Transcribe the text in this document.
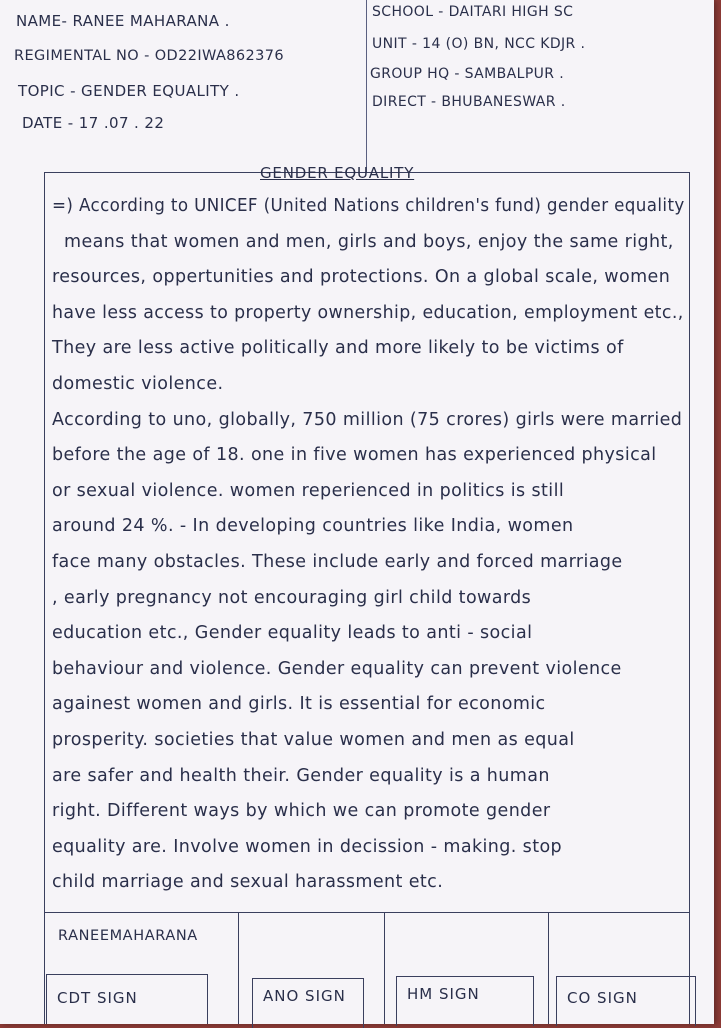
NAME- RANEE MAHARANA .
REGIMENTAL NO - OD22IWA862376
TOPIC - GENDER EQUALITY .
DATE - 17 .07 . 22
SCHOOL - DAITARI HIGH SC
UNIT - 14 (O) BN, NCC KDJR .
GROUP HQ - SAMBALPUR .
DIRECT - BHUBANESWAR .
GENDER EQUALITY
=) According to UNICEF (United Nations children's fund) gender equality
means that women and men, girls and boys, enjoy the same right,
resources, oppertunities and protections. On a global scale, women
have less access to property ownership, education, employment etc.,
They are less active politically and more likely to be victims of
domestic violence.
According to uno, globally, 750 million (75 crores) girls were married
before the age of 18. one in five women has experienced physical
or sexual violence. women reperienced in politics is still
around 24 %. - In developing countries like India, women
face many obstacles. These include early and forced marriage
, early pregnancy not encouraging girl child towards
education etc., Gender equality leads to anti - social
behaviour and violence. Gender equality can prevent violence
againest women and girls. It is essential for economic
prosperity. societies that value women and men as equal
are safer and health their. Gender equality is a human
right. Different ways by which we can promote gender
equality are. Involve women in decission - making. stop
child marriage and sexual harassment etc.
RANEEMAHARANA
CDT SIGN	ANO SIGN	HM SIGN	CO SIGN
